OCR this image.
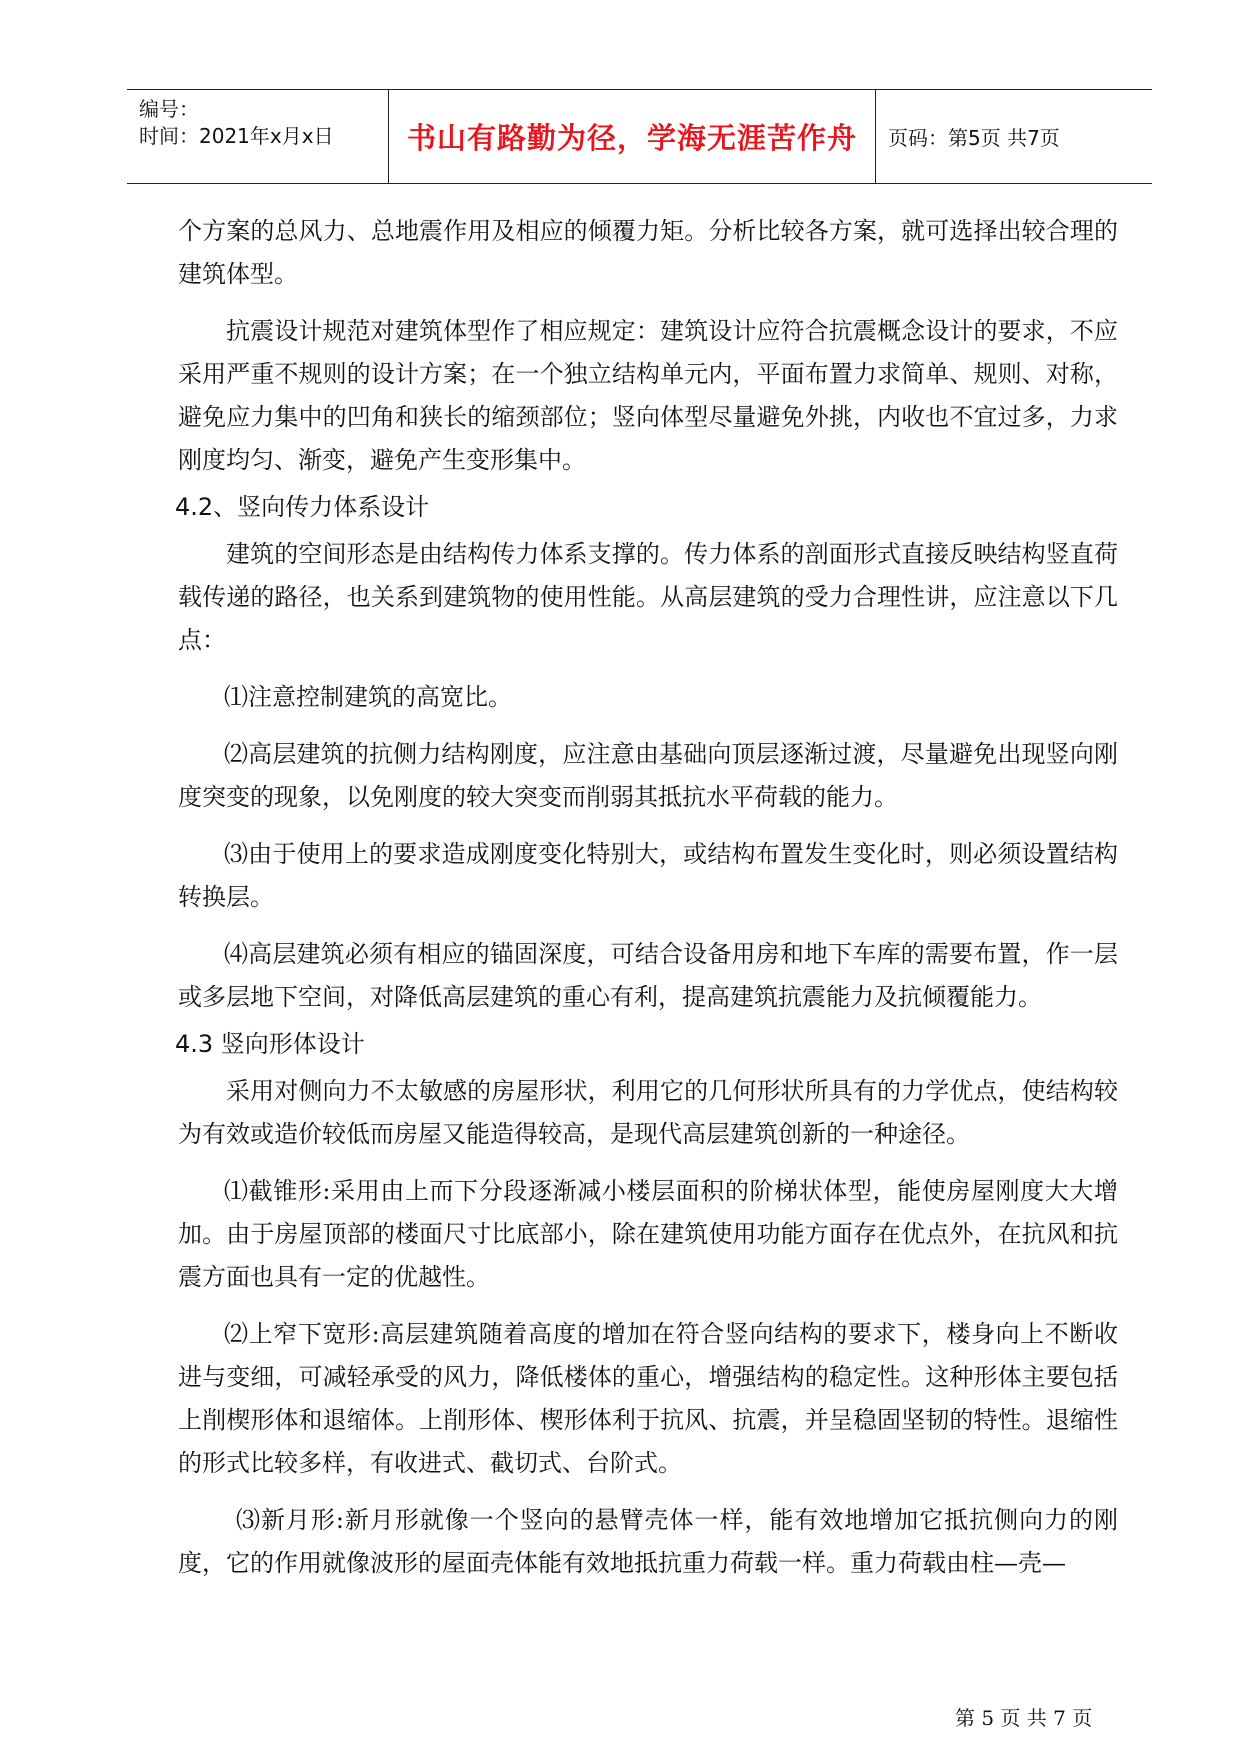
编号：
时间：2021年x月x日	书山有路勤为径，学海无涯苦作舟 页码：第5页 共7页

个方案的总风力、总地震作用及相应的倾覆力矩。分析比较各方案，就可选择出较合理的建筑体型。

抗震设计规范对建筑体型作了相应规定：建筑设计应符合抗震概念设计的要求，不应采用严重不规则的设计方案；在一个独立结构单元内，平面布置力求简单、规则、对称，避免应力集中的凹角和狭长的缩颈部位；竖向体型尽量避免外挑，内收也不宜过多，力求刚度均匀、渐变，避免产生变形集中。

4.2、竖向传力体系设计

建筑的空间形态是由结构传力体系支撑的。传力体系的剖面形式直接反映结构竖直荷载传递的路径，也关系到建筑物的使用性能。从高层建筑的受力合理性讲，应注意以下几点：

⑴注意控制建筑的高宽比。

⑵高层建筑的抗侧力结构刚度，应注意由基础向顶层逐渐过渡，尽量避免出现竖向刚度突变的现象，以免刚度的较大突变而削弱其抵抗水平荷载的能力。

⑶由于使用上的要求造成刚度变化特别大，或结构布置发生变化时，则必须设置结构转换层。

⑷高层建筑必须有相应的锚固深度，可结合设备用房和地下车库的需要布置，作一层或多层地下空间，对降低高层建筑的重心有利，提高建筑抗震能力及抗倾覆能力。

4.3 竖向形体设计

采用对侧向力不太敏感的房屋形状，利用它的几何形状所具有的力学优点，使结构较为有效或造价较低而房屋又能造得较高，是现代高层建筑创新的一种途径。

⑴截锥形:采用由上而下分段逐渐减小楼层面积的阶梯状体型，能使房屋刚度大大增加。由于房屋顶部的楼面尺寸比底部小，除在建筑使用功能方面存在优点外，在抗风和抗震方面也具有一定的优越性。

⑵上窄下宽形:高层建筑随着高度的增加在符合竖向结构的要求下，楼身向上不断收进与变细，可减轻承受的风力，降低楼体的重心，增强结构的稳定性。这种形体主要包括上削楔形体和退缩体。上削形体、楔形体利于抗风、抗震，并呈稳固坚韧的特性。退缩性的形式比较多样，有收进式、截切式、台阶式。

⑶新月形:新月形就像一个竖向的悬臂壳体一样，能有效地增加它抵抗侧向力的刚度，它的作用就像波形的屋面壳体能有效地抵抗重力荷载一样。重力荷载由柱—壳—

第 5 页 共 7 页
